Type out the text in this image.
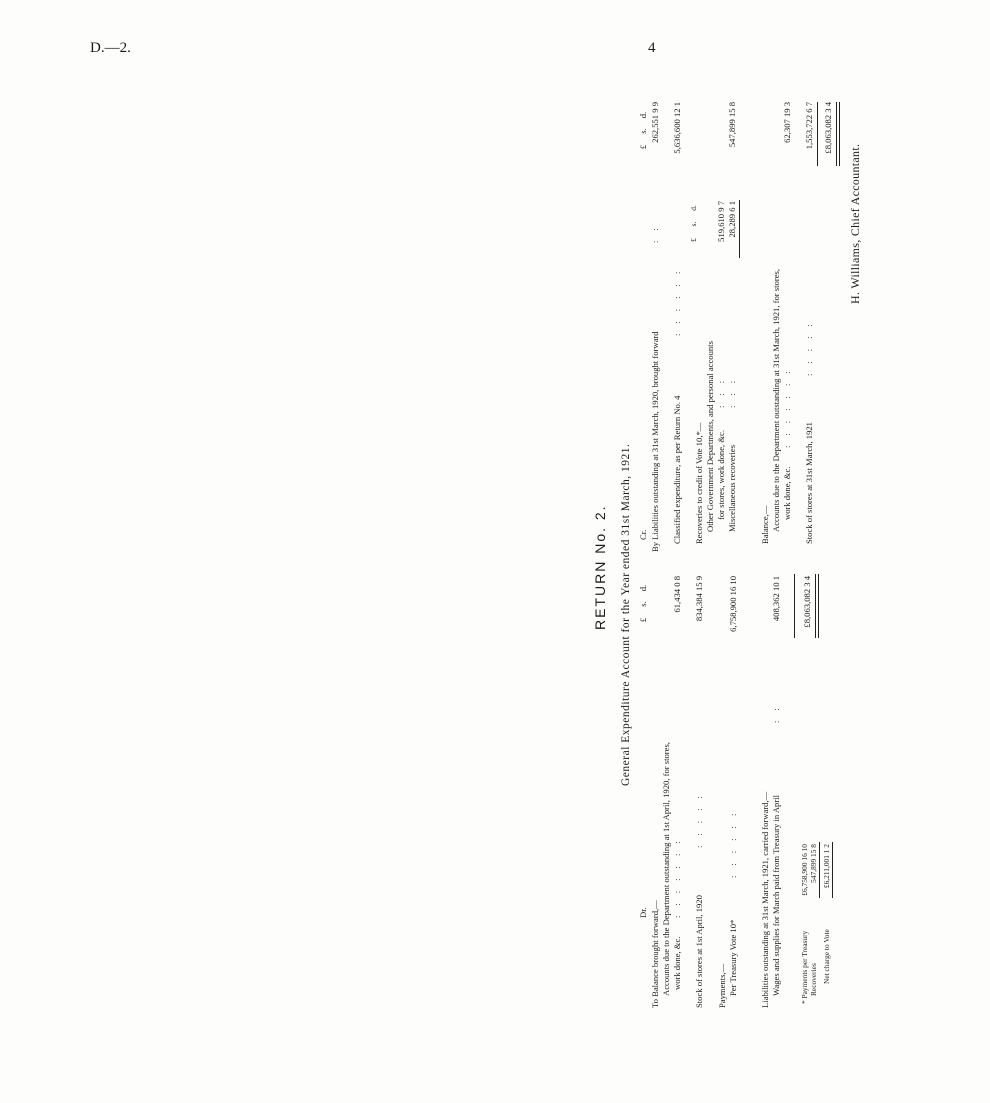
D.—2.	4
RETURN No. 2. General Expenditure Account for the Year ended 31st March, 1921.
Dr.
£s.d.
To Balance brought forward,— Accounts due to the Department outstanding at 1st April, 1920, for stores, work done, &c.
:::::::
61,434 0 8
Stock of stores at 1st April, 1920
:::::
834,384 15 9
Payments,— Per Treasury Vote 10*
::::::
6,758,900 16 10
Liabilities outstanding at 31st March, 1921, carried forward,— Wages and supplies for March paid from Treasury in April
::
408,362 10 1
* Payments per Treasury
£6,758,900 16 10
Recoveries
547,899 15 8
Net charge to Vote
£6,211,001 1 2
£8,063,082 3 4
Cr.
£s.d.
By Liabilities outstanding at 31st March, 1920, brought forward
::
262,551 9 9
Classified expenditure, as per Return No. 4
::::::
5,636,600 12 1
Recoveries to credit of Vote 10,*—
£s.d.
Other Government Departments, and personal accounts for stores, work done, &c.
:::
519,610 9 7
Miscellaneous recoveries
:::
28,289 6 1
547,899 15 8
Balance,— Accounts due to the Department outstanding at 31st March, 1921, for stores, work done, &c.
:::::::
62,307 19 3
Stock of stores at 31st March, 1921
:::::
1,553,722 6 7 £8,063,082 3 4
H. Williams, Chief Accountant.
